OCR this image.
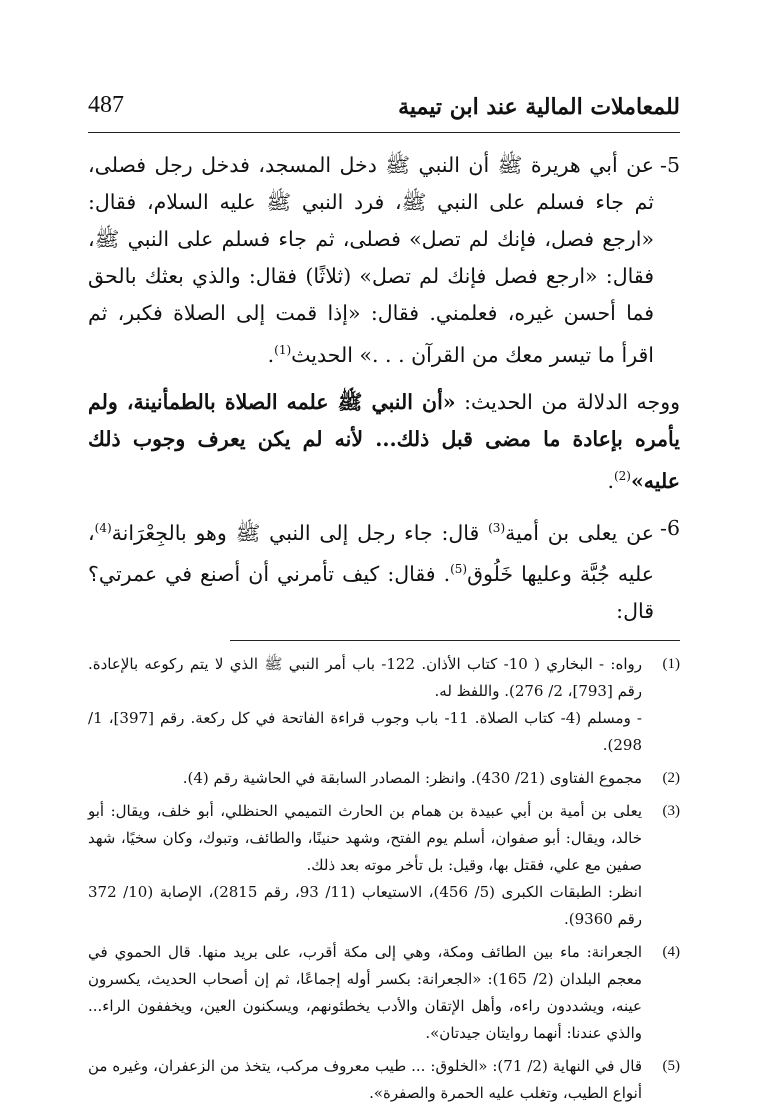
للمعاملات المالية عند ابن تيمية
487
5-
عن أبي هريرة ﷺ أن النبي ﷺ دخل المسجد، فدخل رجل فصلى، ثم جاء فسلم على النبي ﷺ، فرد النبي ﷺ عليه السلام، فقال: «ارجع فصل، فإنك لم تصل» فصلى، ثم جاء فسلم على النبي ﷺ، فقال: «ارجع فصل فإنك لم تصل» (ثلاثًا) فقال: والذي بعثك بالحق فما أحسن غيره، فعلمني. فقال: «إذا قمت إلى الصلاة فكبر، ثم اقرأ ما تيسر معك من القرآن . . .» الحديث$^{(1)}$.
ووجه الدلالة من الحديث: «أن النبي ﷺ علمه الصلاة بالطمأنينة، ولم يأمره بإعادة ما مضى قبل ذلك... لأنه لم يكن يعرف وجوب ذلك عليه»$^{(2)}$.
6-
عن يعلى بن أمية$^{(3)}$ قال: جاء رجل إلى النبي ﷺ وهو بالجِعْرَانة$^{(4)}$، عليه جُبَّة وعليها خَلُوق$^{(5)}$. فقال: كيف تأمرني أن أصنع في عمرتي؟ قال:
(1)
رواه: - البخاري ( 10- كتاب الأذان. 122- باب أمر النبي ﷺ الذي لا يتم ركوعه بالإعادة. رقم [793]، 2/ 276). واللفظ له.
- ومسلم (4- كتاب الصلاة. 11- باب وجوب قراءة الفاتحة في كل ركعة. رقم [397]، 1/ 298).
(2)
مجموع الفتاوى (21/ 430). وانظر: المصادر السابقة في الحاشية رقم (4).
(3)
يعلى بن أمية بن أبي عبيدة بن همام بن الحارث التميمي الحنظلي، أبو خلف، ويقال: أبو خالد، ويقال: أبو صفوان، أسلم يوم الفتح، وشهد حنينًا، والطائف، وتبوك، وكان سخيًا، شهد صفين مع علي، فقتل بها، وقيل: بل تأخر موته بعد ذلك.
انظر: الطبقات الكبرى (5/ 456)، الاستيعاب (11/ 93، رقم 2815)، الإصابة (10/ 372 رقم 9360).
(4)
الجعرانة: ماء بين الطائف ومكة، وهي إلى مكة أقرب، على بريد منها. قال الحموي في معجم البلدان (2/ 165): «الجعرانة: بكسر أوله إجماعًا، ثم إن أصحاب الحديث، يكسرون عينه، ويشددون راءه، وأهل الإتقان والأدب يخطئونهم، ويسكنون العين، ويخففون الراء... والذي عندنا: أنهما روايتان جيدتان».
(5)
قال في النهاية (2/ 71): «الخلوق: ... طيب معروف مركب، يتخذ من الزعفران، وغيره من أنواع الطيب، وتغلب عليه الحمرة والصفرة».
